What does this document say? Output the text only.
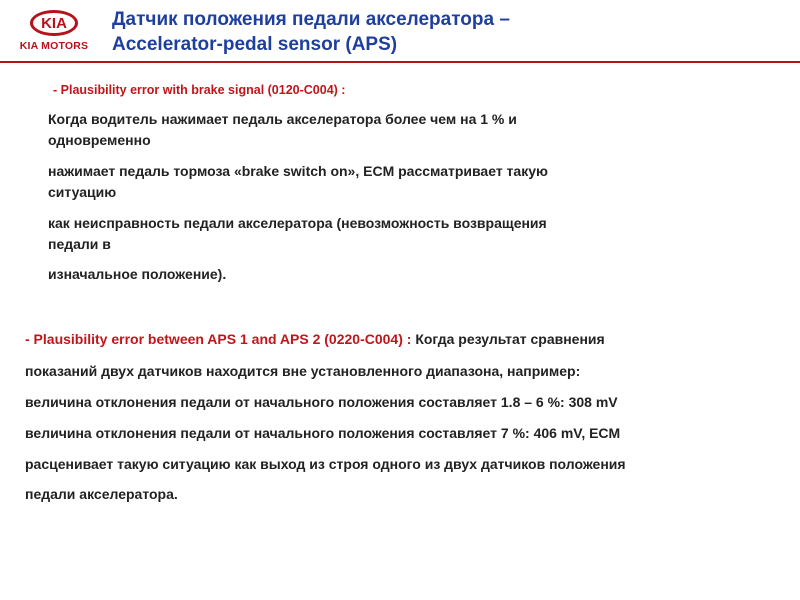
KIA
KIA MOTORS
Датчик положения педали акселератора –
Accelerator-pedal sensor (APS)
- Plausibility error with brake signal (0120-C004) :
Когда водитель нажимает педаль акселератора более чем на 1 % и
одновременно
нажимает педаль тормоза «brake switch on», ECM рассматривает такую
ситуацию
как неисправность педали акселератора (невозможность возвращения
педали в
изначальное положение).
- Plausibility error between APS 1 and APS 2 (0220-C004) : Когда результат сравнения
показаний двух датчиков находится вне установленного диапазона, например:
величина отклонения педали от начального положения составляет 1.8 – 6 %: 308 mV
величина отклонения педали от начального положения составляет 7 %: 406 mV, ECM
расценивает такую ситуацию как выход из строя одного из двух датчиков положения
педали акселератора.
